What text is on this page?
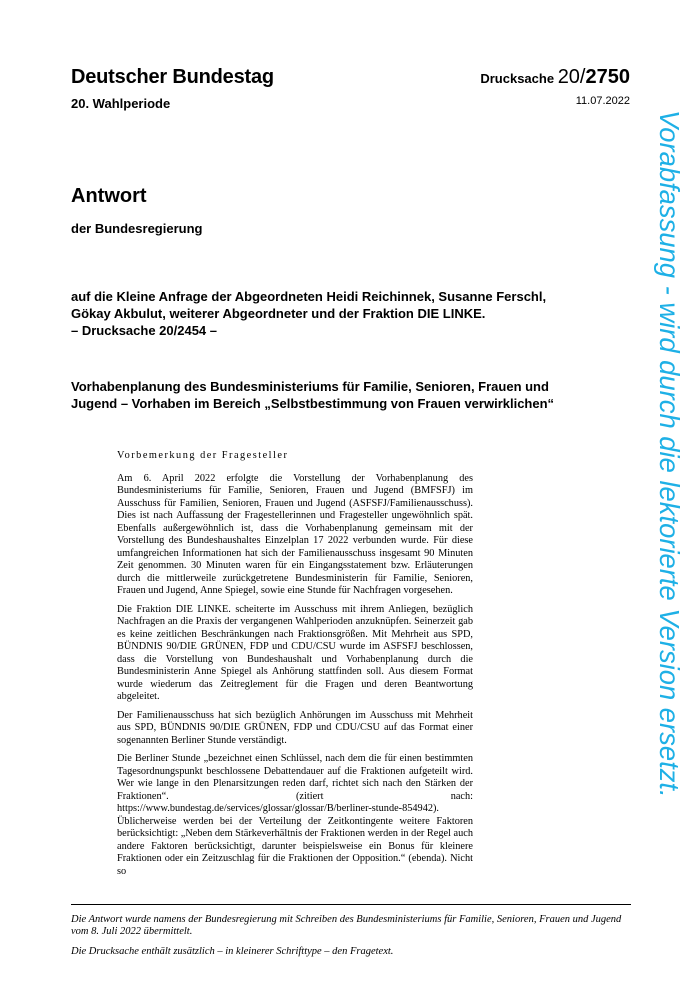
Deutscher Bundestag
20. Wahlperiode
Drucksache 20/2750
11.07.2022
Antwort
der Bundesregierung
auf die Kleine Anfrage der Abgeordneten Heidi Reichinnek, Susanne Ferschl,
Gökay Akbulut, weiterer Abgeordneter und der Fraktion DIE LINKE.
– Drucksache 20/2454 –
Vorhabenplanung des Bundesministeriums für Familie, Senioren, Frauen und
Jugend – Vorhaben im Bereich „Selbstbestimmung von Frauen verwirklichen“
Vorbemerkung der Fragesteller

Am 6. April 2022 erfolgte die Vorstellung der Vorhabenplanung des Bundesministeriums für Familie, Senioren, Frauen und Jugend (BMFSFJ) im Ausschuss für Familien, Senioren, Frauen und Jugend (ASFSFJ/Familienausschuss). Dies ist nach Auffassung der Fragestellerinnen und Fragesteller ungewöhnlich spät. Ebenfalls außergewöhnlich ist, dass die Vorhabenplanung gemeinsam mit der Vorstellung des Bundeshaushaltes Einzelplan 17 2022 verbunden wurde. Für diese umfangreichen Informationen hat sich der Familienausschuss insgesamt 90 Minuten Zeit genommen. 30 Minuten waren für ein Eingangsstatement bzw. Erläuterungen durch die mittlerweile zurückgetretene Bundesministerin für Familie, Senioren, Frauen und Jugend, Anne Spiegel, sowie eine Stunde für Nachfragen vorgesehen.

Die Fraktion DIE LINKE. scheiterte im Ausschuss mit ihrem Anliegen, bezüglich Nachfragen an die Praxis der vergangenen Wahlperioden anzuknüpfen. Seinerzeit gab es keine zeitlichen Beschränkungen nach Fraktionsgrößen. Mit Mehrheit aus SPD, BÜNDNIS 90/DIE GRÜNEN, FDP und CDU/CSU wurde im ASFSFJ beschlossen, dass die Vorstellung von Bundeshaushalt und Vorhabenplanung durch die Bundesministerin Anne Spiegel als Anhörung stattfinden soll. Aus diesem Format wurde wiederum das Zeitreglement für die Fragen und deren Beantwortung abgeleitet.

Der Familienausschuss hat sich bezüglich Anhörungen im Ausschuss mit Mehrheit aus SPD, BÜNDNIS 90/DIE GRÜNEN, FDP und CDU/CSU auf das Format einer sogenannten Berliner Stunde verständigt.

Die Berliner Stunde „bezeichnet einen Schlüssel, nach dem die für einen bestimmten Tagesordnungspunkt beschlossene Debattendauer auf die Fraktionen aufgeteilt wird. Wer wie lange in den Plenarsitzungen reden darf, richtet sich nach den Stärken der Fraktionen“. (zitiert nach: https://www.bundestag.de/services/glossar/glossar/B/berliner-stunde-854942). Üblicherweise werden bei der Verteilung der Zeitkontingente weitere Faktoren berücksichtigt: „Neben dem Stärkeverhältnis der Fraktionen werden in der Regel auch andere Faktoren berücksichtigt, darunter beispielsweise ein Bonus für kleinere Fraktionen oder ein Zeitzuschlag für die Fraktionen der Opposition.“ (ebenda). Nicht so

Die Antwort wurde namens der Bundesregierung mit Schreiben des Bundesministeriums für Familie, Senioren, Frauen und Jugend vom 8. Juli 2022 übermittelt.
Die Drucksache enthält zusätzlich – in kleinerer Schrifttype – den Fragetext.
Vorabfassung - wird durch die lektorierte Version ersetzt.
